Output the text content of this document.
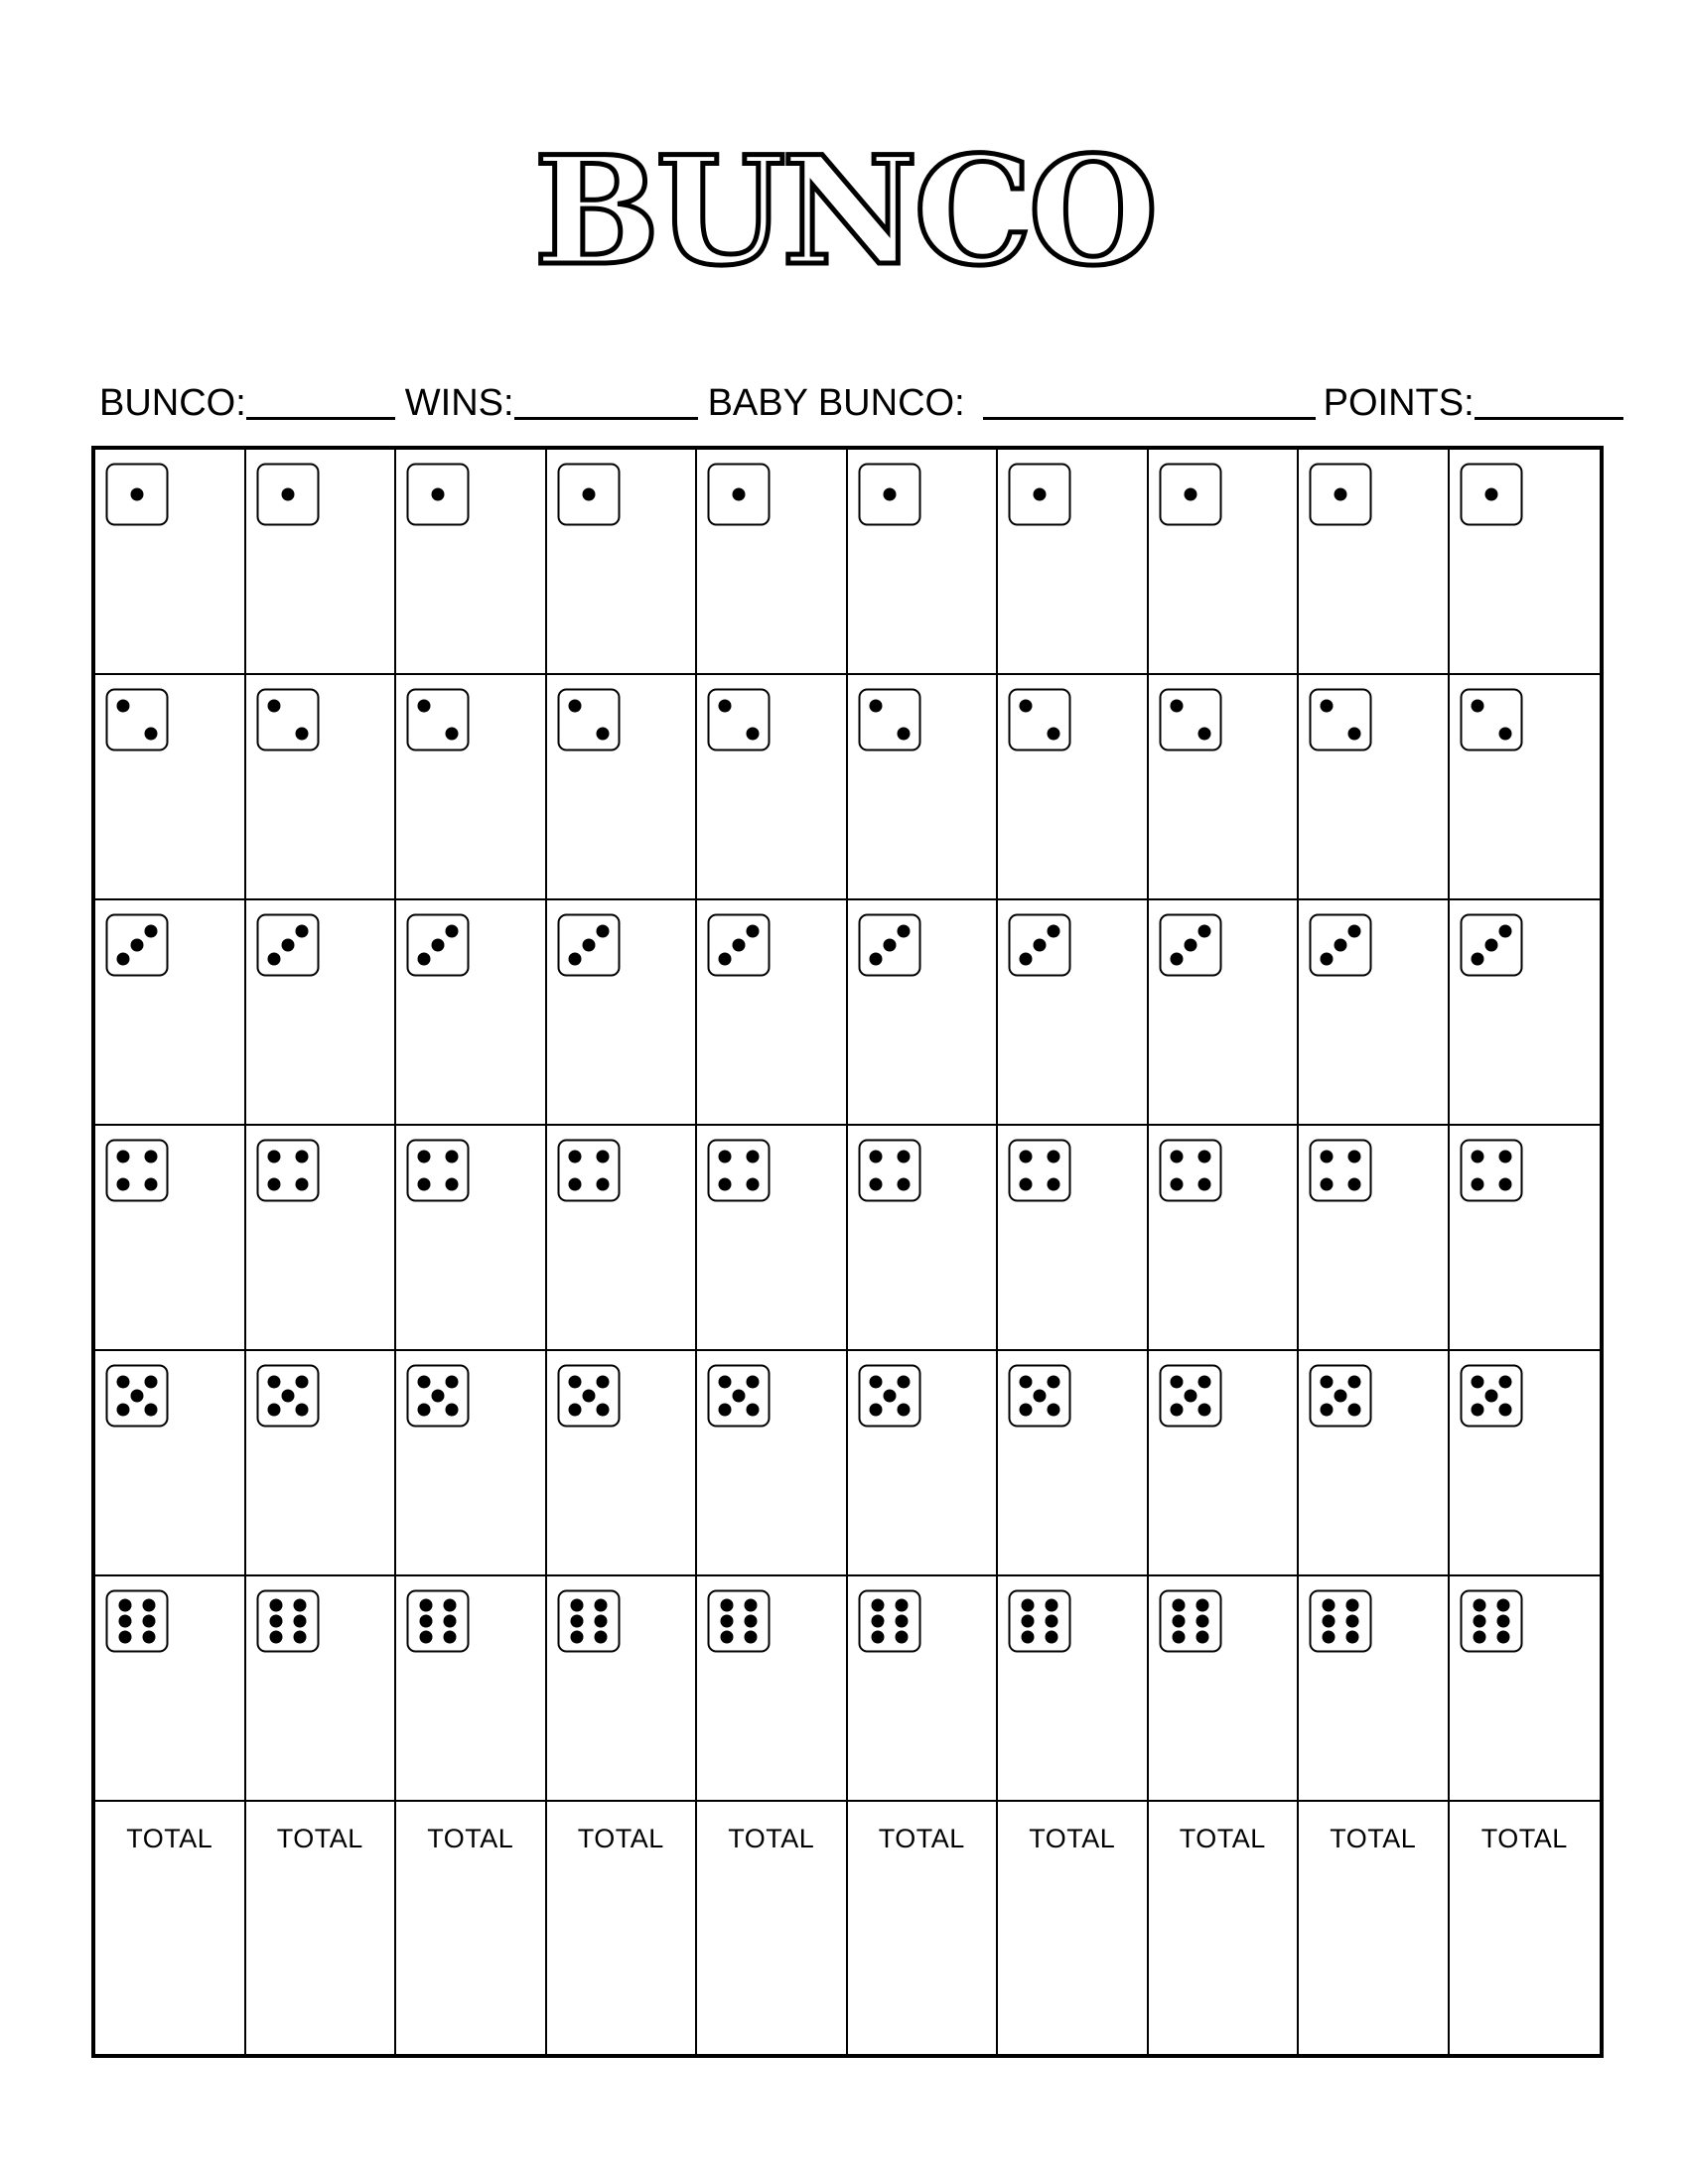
BUNCO
BUNCO:	WINS:	BABY BUNCO:	POINTS:
TOTAL	TOTAL	TOTAL	TOTAL	TOTAL	TOTAL	TOTAL	TOTAL	TOTAL	TOTAL
